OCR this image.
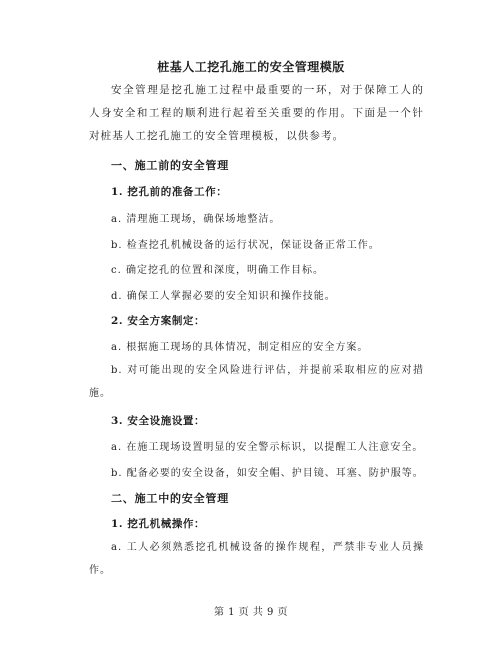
桩基人工挖孔施工的安全管理模版
安全管理是挖孔施工过程中最重要的一环，对于保障工人的人身安全和工程的顺利进行起着至关重要的作用。下面是一个针对桩基人工挖孔施工的安全管理模板，以供参考。
一、施工前的安全管理
1. 挖孔前的准备工作：
a. 清理施工现场，确保场地整洁。
b. 检查挖孔机械设备的运行状况，保证设备正常工作。
c. 确定挖孔的位置和深度，明确工作目标。
d. 确保工人掌握必要的安全知识和操作技能。
2. 安全方案制定：
a. 根据施工现场的具体情况，制定相应的安全方案。
b. 对可能出现的安全风险进行评估，并提前采取相应的应对措施。
3. 安全设施设置：
a. 在施工现场设置明显的安全警示标识，以提醒工人注意安全。
b. 配备必要的安全设备，如安全帽、护目镜、耳塞、防护服等。
二、施工中的安全管理
1. 挖孔机械操作：
a. 工人必须熟悉挖孔机械设备的操作规程，严禁非专业人员操作。
第 1 页 共 9 页
